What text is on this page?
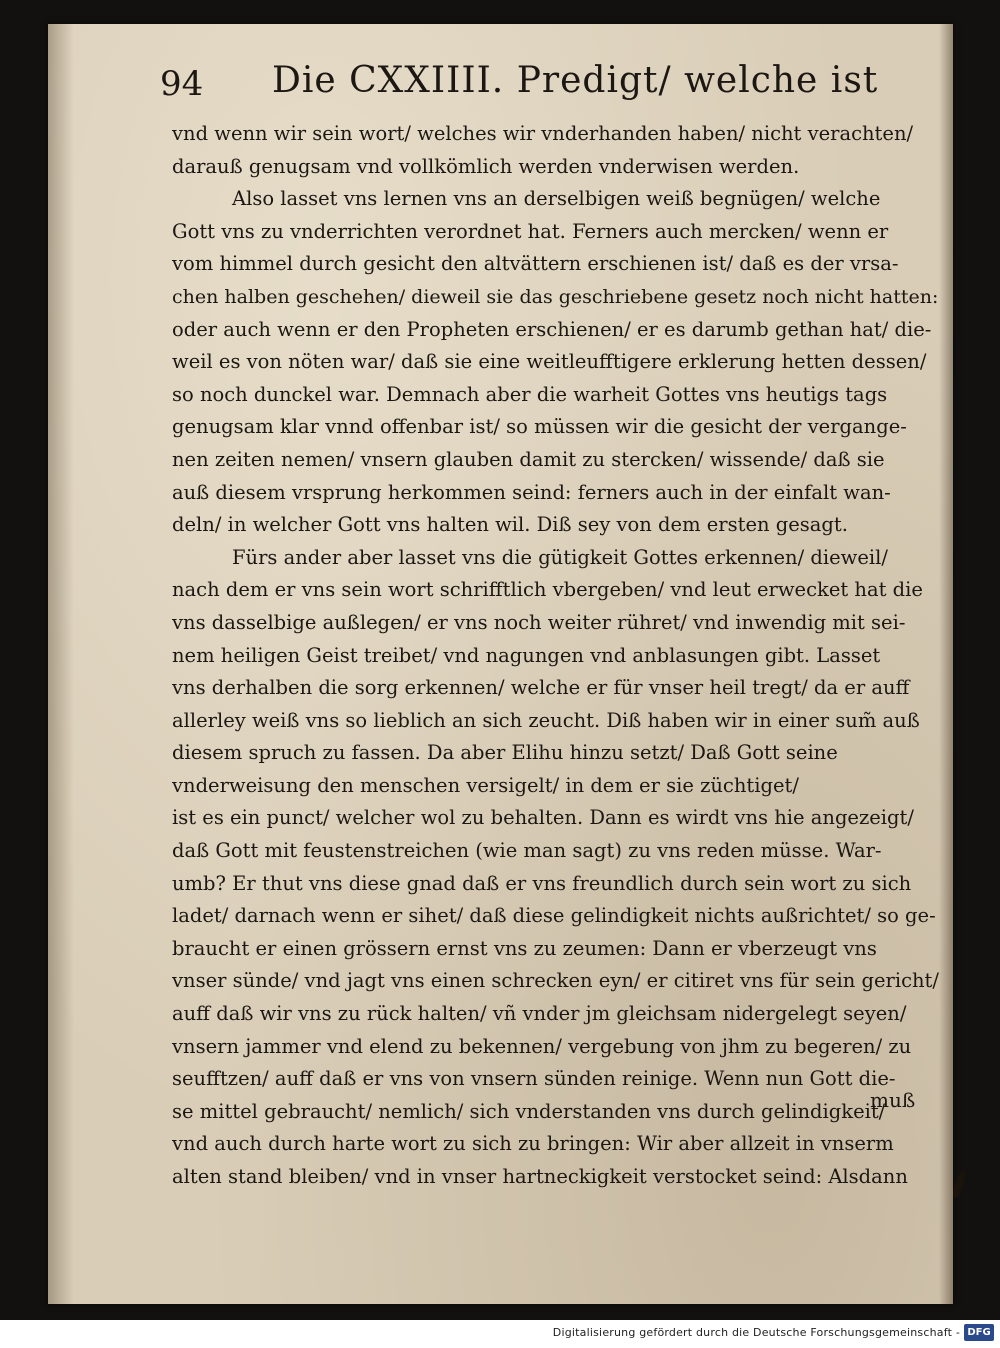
94 Die CXXIIII. Predigt/ welche ist
vnd wenn wir sein wort/ welches wir vnderhanden haben/ nicht verachten/
darauß genugsam vnd vollkömlich werden vnderwisen werden.
Also lasset vns lernen vns an derselbigen weiß begnügen/ welche
Gott vns zu vnderrichten verordnet hat. Ferners auch mercken/ wenn er
vom himmel durch gesicht den altvättern erschienen ist/ daß es der vrsa-
chen halben geschehen/ dieweil sie das geschriebene gesetz noch nicht hatten:
oder auch wenn er den Propheten erschienen/ er es darumb gethan hat/ die-
weil es von nöten war/ daß sie eine weitleufftigere erklerung hetten dessen/
so noch dunckel war. Demnach aber die warheit Gottes vns heutigs tags
genugsam klar vnnd offenbar ist/ so müssen wir die gesicht der vergange-
nen zeiten nemen/ vnsern glauben damit zu stercken/ wissende/ daß sie
auß diesem vrsprung herkommen seind: ferners auch in der einfalt wan-
deln/ in welcher Gott vns halten wil. Diß sey von dem ersten gesagt.
Fürs ander aber lasset vns die gütigkeit Gottes erkennen/ dieweil/
nach dem er vns sein wort schrifftlich vbergeben/ vnd leut erwecket hat die
vns dasselbige außlegen/ er vns noch weiter rühret/ vnd inwendig mit sei-
nem heiligen Geist treibet/ vnd nagungen vnd anblasungen gibt. Lasset
vns derhalben die sorg erkennen/ welche er für vnser heil tregt/ da er auff
allerley weiß vns so lieblich an sich zeucht. Diß haben wir in einer sum̃ auß
diesem spruch zu fassen. Da aber Elihu hinzu setzt/ Daß Gott seine
vnderweisung den menschen versigelt/ in dem er sie züchtiget/
ist es ein punct/ welcher wol zu behalten. Dann es wirdt vns hie angezeigt/
daß Gott mit feustenstreichen (wie man sagt) zu vns reden müsse. War-
umb? Er thut vns diese gnad daß er vns freundlich durch sein wort zu sich
ladet/ darnach wenn er sihet/ daß diese gelindigkeit nichts außrichtet/ so ge-
braucht er einen grössern ernst vns zu zeumen: Dann er vberzeugt vns
vnser sünde/ vnd jagt vns einen schrecken eyn/ er citiret vns für sein gericht/
auff daß wir vns zu rück halten/ vñ vnder jm gleichsam nidergelegt seyen/
vnsern jammer vnd elend zu bekennen/ vergebung von jhm zu begeren/ zu
seufftzen/ auff daß er vns von vnsern sünden reinige. Wenn nun Gott die-
se mittel gebraucht/ nemlich/ sich vnderstanden vns durch gelindigkeit/
vnd auch durch harte wort zu sich zu bringen: Wir aber allzeit in vnserm
alten stand bleiben/ vnd in vnser hartneckigkeit verstocket seind: Alsdann
muß
Digitalisierung gefördert durch die Deutsche Forschungsgemeinschaft - DFG
